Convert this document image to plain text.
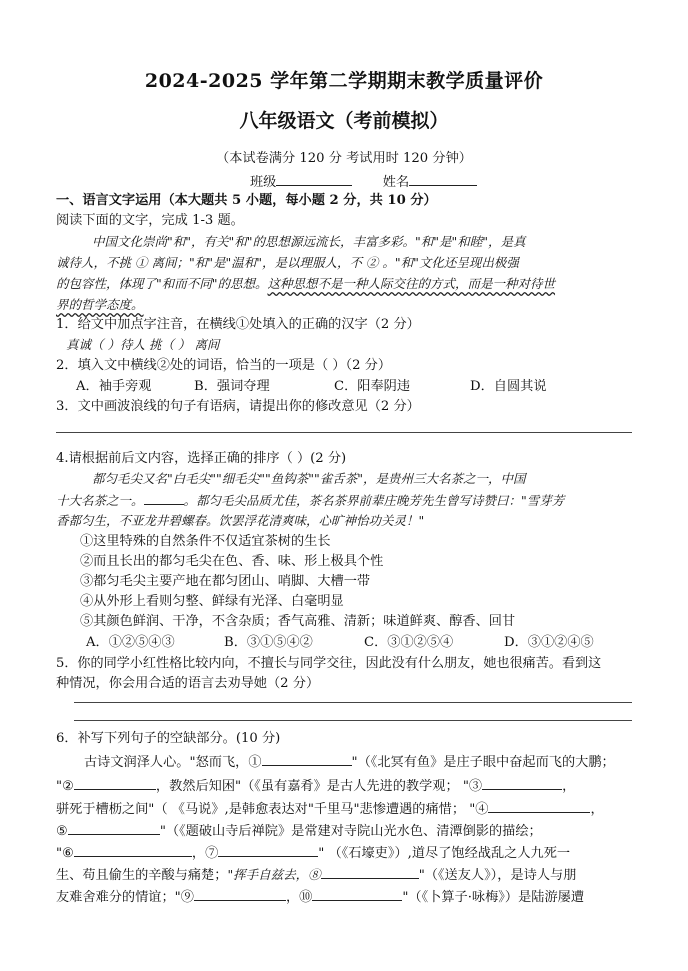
2024-2025 学年第二学期期末教学质量评价
八年级语文（考前模拟）
（本试卷满分 120 分 考试用时 120 分钟）
班级	姓名
一、语言文字运用（本大题共 5 小题，每小题 2 分，共 10 分）
阅读下面的文字，完成 1-3 题。
中国文化崇尚"和"，有关"和"的思想源远流长，丰富多彩。"和"是"和睦"，是真
诚待人，不挑 ① 离间；"和"是"温和"，是以理服人，不 ② 。"和"文化还呈现出极强
的包容性，体现了"和而不同"的思想。这种思想不是一种人际交往的方式，而是一种对待世
界的哲学态度。
1．给文中加点字注音，在横线①处填入的正确的汉字（2 分）
真诚（ ）待人 挑（ ） 离间
2．填入文中横线②处的词语，恰当的一项是（ ）（2 分）
A．袖手旁观	B．强词夺理	C．阳奉阴违	D．自圆其说
3．文中画波浪线的句子有语病，请提出你的修改意见（2 分）
4.请根据前后文内容，选择正确的排序（ ）(2 分)
都匀毛尖又名"白毛尖""细毛尖""鱼钩茶""雀舌茶"，是贵州三大名茶之一，中国
十大名茶之一。	。都匀毛尖品质尤佳，茶名茶界前辈庄晚芳先生曾写诗赞曰："雪芽芳
香都匀生，不亚龙井碧螺春。饮罢浮花清爽味，心旷神怡功关灵！"
①这里特殊的自然条件不仅适宜茶树的生长
②而且长出的都匀毛尖在色、香、味、形上极具个性
③都匀毛尖主要产地在都匀团山、哨脚、大槽一带
④从外形上看则匀整、鲜绿有光泽、白毫明显
⑤其颜色鲜润、干净，不含杂质；香气高雅、清新；味道鲜爽、醇香、回甘
A．①②⑤④③	B．③①⑤④②	C．③①②⑤④	D．③①②④⑤
5．你的同学小红性格比较内向，不擅长与同学交往，因此没有什么朋友，她也很痛苦。看到这
种情况，你会用合适的语言去劝导她（2 分）
6．补写下列句子的空缺部分。(10 分)
古诗文润泽人心。"怒而飞，①	"（《北冥有鱼》是庄子眼中奋起而飞的大鹏；
"②	，教然后知困"（《虽有嘉肴》是古人先进的教学观； "③	，
骈死于槽枥之间"（ 《马说》,是韩愈表达对"千里马"悲惨遭遇的痛惜； "④	，
⑤	"（《题破山寺后禅院》是常建对寺院山光水色、清潭倒影的描绘；
"⑥	，⑦	" （《石壕吏》）,道尽了饱经战乱之人九死一
生、苟且偷生的辛酸与痛楚；"挥手自兹去，⑧	"（《送友人》），是诗人与朋
友难舍难分的情谊；"⑨	，⑩	"（《卜算子·咏梅》）是陆游屡遭
